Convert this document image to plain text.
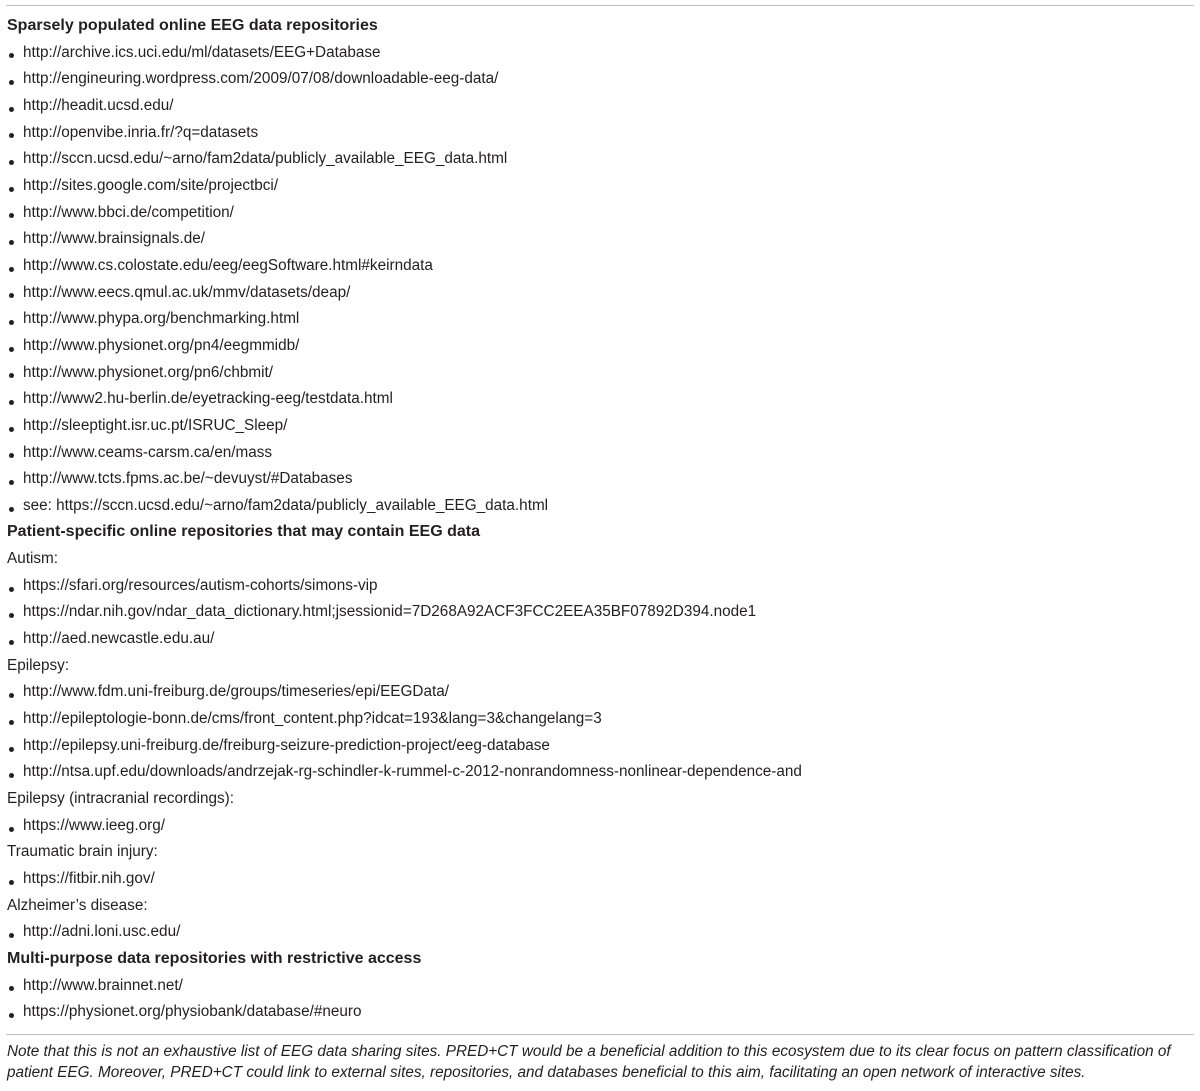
Sparsely populated online EEG data repositories
http://archive.ics.uci.edu/ml/datasets/EEG+Database
http://engineuring.wordpress.com/2009/07/08/downloadable-eeg-data/
http://headit.ucsd.edu/
http://openvibe.inria.fr/?q=datasets
http://sccn.ucsd.edu/~arno/fam2data/publicly_available_EEG_data.html
http://sites.google.com/site/projectbci/
http://www.bbci.de/competition/
http://www.brainsignals.de/
http://www.cs.colostate.edu/eeg/eegSoftware.html#keirndata
http://www.eecs.qmul.ac.uk/mmv/datasets/deap/
http://www.phypa.org/benchmarking.html
http://www.physionet.org/pn4/eegmmidb/
http://www.physionet.org/pn6/chbmit/
http://www2.hu-berlin.de/eyetracking-eeg/testdata.html
http://sleeptight.isr.uc.pt/ISRUC_Sleep/
http://www.ceams-carsm.ca/en/mass
http://www.tcts.fpms.ac.be/~devuyst/#Databases
see: https://sccn.ucsd.edu/~arno/fam2data/publicly_available_EEG_data.html
Patient-specific online repositories that may contain EEG data
Autism:
https://sfari.org/resources/autism-cohorts/simons-vip
https://ndar.nih.gov/ndar_data_dictionary.html;jsessionid=7D268A92ACF3FCC2EEA35BF07892D394.node1
http://aed.newcastle.edu.au/
Epilepsy:
http://www.fdm.uni-freiburg.de/groups/timeseries/epi/EEGData/
http://epileptologie-bonn.de/cms/front_content.php?idcat=193&lang=3&changelang=3
http://epilepsy.uni-freiburg.de/freiburg-seizure-prediction-project/eeg-database
http://ntsa.upf.edu/downloads/andrzejak-rg-schindler-k-rummel-c-2012-nonrandomness-nonlinear-dependence-and
Epilepsy (intracranial recordings):
https://www.ieeg.org/
Traumatic brain injury:
https://fitbir.nih.gov/
Alzheimer’s disease:
http://adni.loni.usc.edu/
Multi-purpose data repositories with restrictive access
http://www.brainnet.net/
https://physionet.org/physiobank/database/#neuro
Note that this is not an exhaustive list of EEG data sharing sites. PRED+CT would be a beneficial addition to this ecosystem due to its clear focus on pattern classification of patient EEG. Moreover, PRED+CT could link to external sites, repositories, and databases beneficial to this aim, facilitating an open network of interactive sites.
